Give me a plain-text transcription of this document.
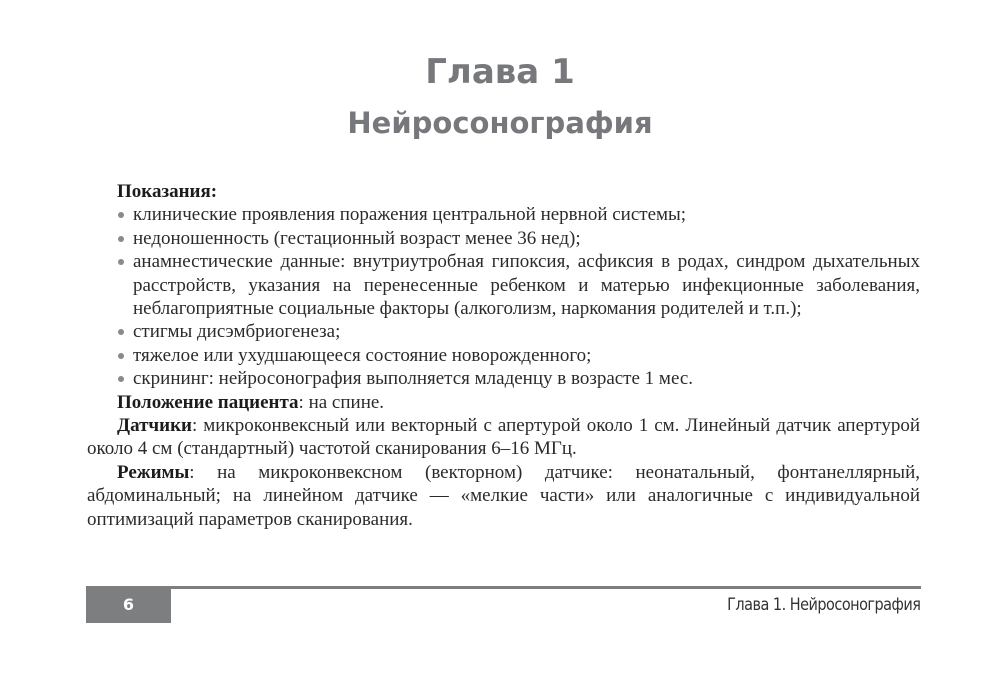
Глава 1
Нейросонография
Показания:
клинические проявления поражения центральной нервной системы;
недоношенность (гестационный возраст менее 36 нед);
анамнестические данные: внутриутробная гипоксия, асфиксия в родах, синдром дыхательных расстройств, указания на перенесенные ребенком и матерью инфекционные заболевания, неблагоприятные социальные факторы (алкоголизм, наркомания родителей и т.п.);
стигмы дисэмбриогенеза;
тяжелое или ухудшающееся состояние новорожденного;
скрининг: нейросонография выполняется младенцу в возрасте 1 мес.
Положение пациента: на спине.
Датчики: микроконвексный или векторный с апертурой около 1 см. Линейный датчик апертурой около 4 см (стандартный) частотой сканирования 6–16 МГц.
Режимы: на микроконвексном (векторном) датчике: неонатальный, фонтанеллярный, абдоминальный; на линейном датчике — «мелкие части» или аналогичные с индивидуальной оптимизаций параметров сканирования.
6	Глава 1. Нейросонография
